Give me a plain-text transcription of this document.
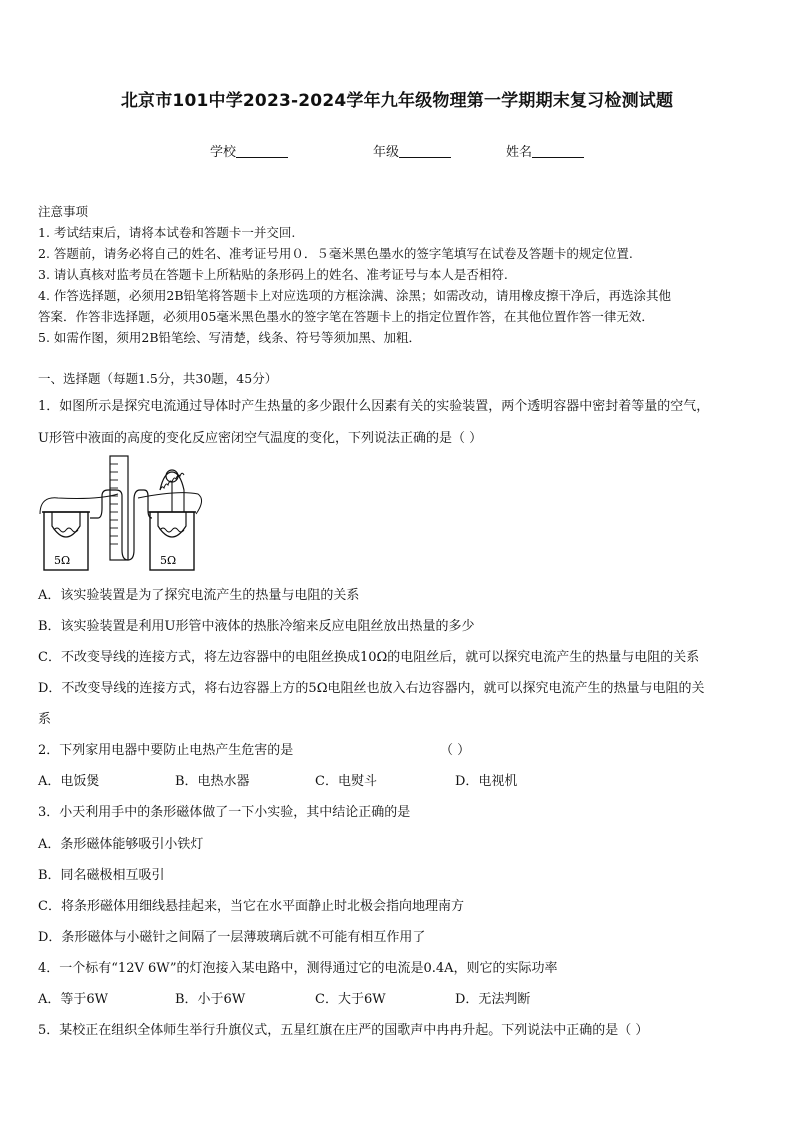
北京市101中学2023-2024学年九年级物理第一学期期末复习检测试题
学校	年级	姓名
注意事项
1. 考试结束后，请将本试卷和答题卡一并交回.
2. 答题前，请务必将自己的姓名、准考证号用０．５毫米黑色墨水的签字笔填写在试卷及答题卡的规定位置.
3. 请认真核对监考员在答题卡上所粘贴的条形码上的姓名、准考证号与本人是否相符.
4. 作答选择题，必须用2B铅笔将答题卡上对应选项的方框涂满、涂黑；如需改动，请用橡皮擦干净后，再选涂其他
答案．作答非选择题，必须用05毫米黑色墨水的签字笔在答题卡上的指定位置作答，在其他位置作答一律无效．
5. 如需作图，须用2B铅笔绘、写清楚，线条、符号等须加黑、加粗．
一、选择题（每题1.5分，共30题，45分）
1．如图所示是探究电流通过导体时产生热量的多少跟什么因素有关的实验装置，两个透明容器中密封着等量的空气，
U形管中液面的高度的变化反应密闭空气温度的变化，下列说法正确的是（ ）
5Ω	5Ω
A．该实验装置是为了探究电流产生的热量与电阻的关系
B．该实验装置是利用U形管中液体的热胀冷缩来反应电阻丝放出热量的多少
C．不改变导线的连接方式，将左边容器中的电阻丝换成10Ω的电阻丝后，就可以探究电流产生的热量与电阻的关系
D．不改变导线的连接方式，将右边容器上方的5Ω电阻丝也放入右边容器内，就可以探究电流产生的热量与电阻的关
系
2．下列家用电器中要防止电热产生危害的是	（ ）
A．电饭煲	B．电热水器	C．电熨斗	D．电视机
3．小天利用手中的条形磁体做了一下小实验，其中结论正确的是
A．条形磁体能够吸引小铁灯
B．同名磁极相互吸引
C．将条形磁体用细线悬挂起来，当它在水平面静止时北极会指向地理南方
D．条形磁体与小磁针之间隔了一层薄玻璃后就不可能有相互作用了
4．一个标有“12V 6W”的灯泡接入某电路中，测得通过它的电流是0.4A，则它的实际功率
A．等于6W	B．小于6W	C．大于6W	D．无法判断
5．某校正在组织全体师生举行升旗仪式，五星红旗在庄严的国歌声中冉冉升起。下列说法中正确的是（ ）
